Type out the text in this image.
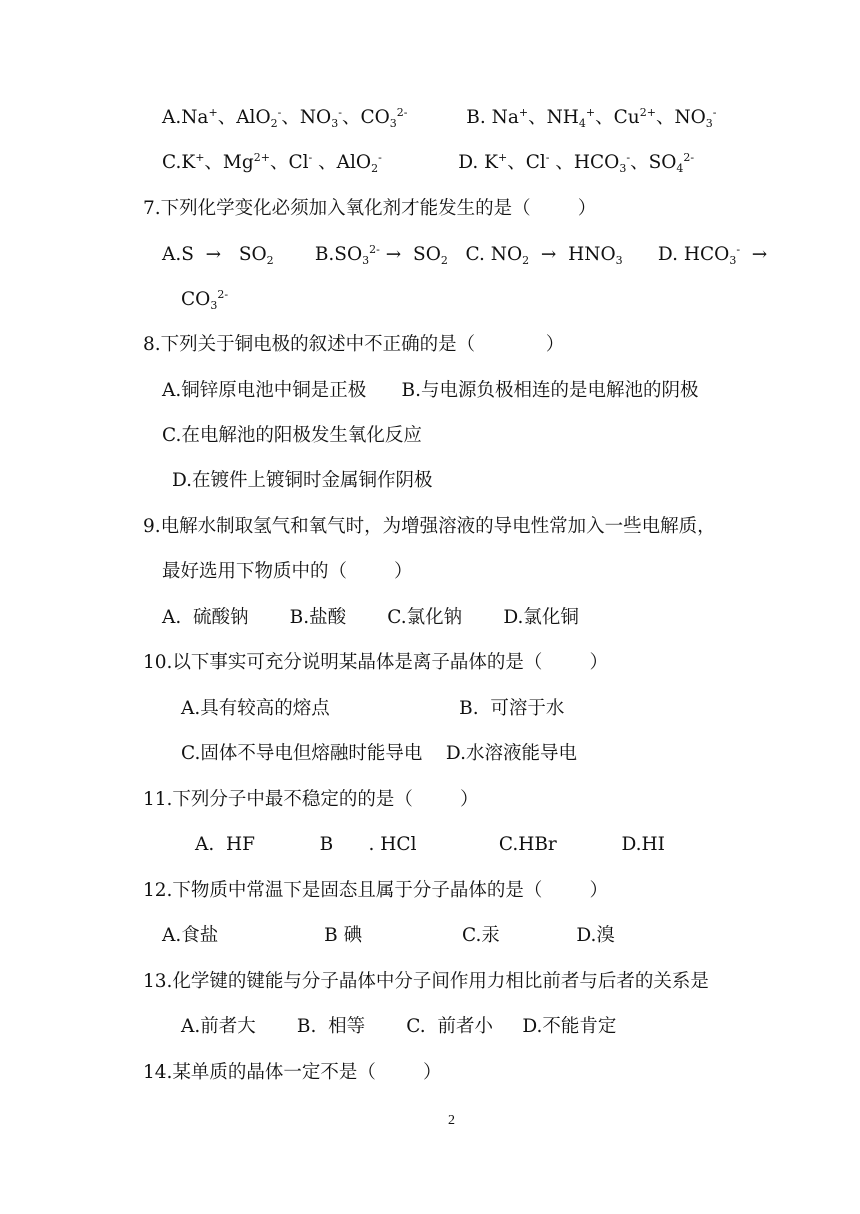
A.Na+、AlO$_2$-、$NO_3^-$、$CO_3^{2-}$          B. Na+、$NH_4^+$、$Cu^{2+}$、$NO_3^-$
C.K+、$Mg^{2+}$、Cl- 、AlO$_2$-             D. K+、Cl- 、$HCO_3^-$、$SO_4^{2-}$
7.下列化学变化必须加入氧化剂才能发生的是（        ）
$A.S \to SO_2$       $B.SO_3^{2-} \to SO_2$   C. $NO_2 \to HNO_3$      D. $HCO_3^-$  →
$CO_3^{2-}$
8.下列关于铜电极的叙述中不正确的是（            ）
A.铜锌原电池中铜是正极      B.与电源负极相连的是电解池的阴极
C.在电解池的阳极发生氧化反应
D.在镀件上镀铜时金属铜作阴极
9.电解水制取氢气和氧气时，为增强溶液的导电性常加入一些电解质，
最好选用下物质中的（        ）
A.  硫酸钠       B.盐酸       C.氯化钠       D.氯化铜
10.以下事实可充分说明某晶体是离子晶体的是（        ）
A.具有较高的熔点                      B.  可溶于水
C.固体不导电但熔融时能导电    D.水溶液能导电
11.下列分子中最不稳定的的是（        ）
A.  HF           B      . HCl              C.HBr           D.HI
12.下物质中常温下是固态且属于分子晶体的是（        ）
A.食盐                  B 碘                 C.汞             D.溴
13.化学键的键能与分子晶体中分子间作用力相比前者与后者的关系是
A.前者大       B.  相等       C.  前者小     D.不能肯定
14.某单质的晶体一定不是（        ）
2
